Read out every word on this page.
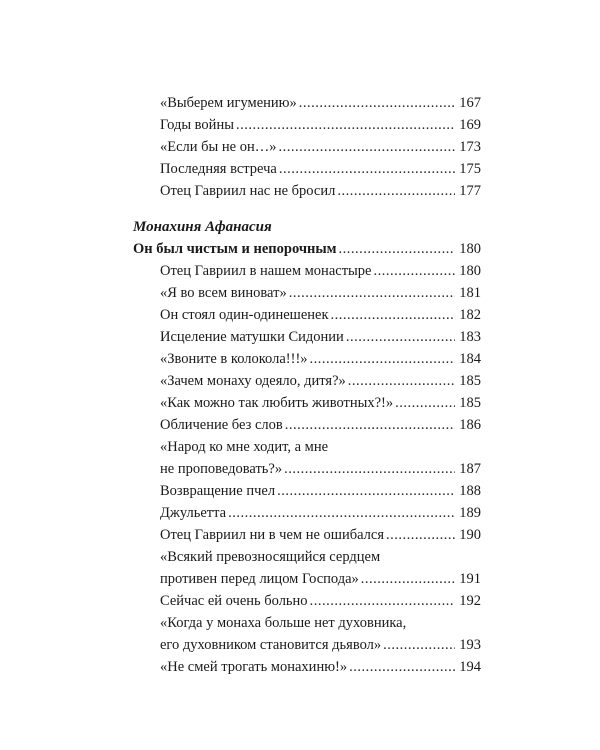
«Выберем игумению» .....	167
Годы войны .....	169
«Если бы не он…» .....	173
Последняя встреча .....	175
Отец Гавриил нас не бросил .....	177
Монахиня Афанасия
Он был чистым и непорочным .....	180
Отец Гавриил в нашем монастыре .....	180
«Я во всем виноват» .....	181
Он стоял один-одинешенек .....	182
Исцеление матушки Сидонии .....	183
«Звоните в колокола!!!» .....	184
«Зачем монаху одеяло, дитя?» .....	185
«Как можно так любить животных?!» .....	185
Обличение без слов .....	186
«Народ ко мне ходит, а мне
не проповедовать?» .....	187
Возвращение пчел .....	188
Джульетта .....	189
Отец Гавриил ни в чем не ошибался .....	190
«Всякий превозносящийся сердцем
противен перед лицом Господа» .....	191
Сейчас ей очень больно .....	192
«Когда у монаха больше нет духовника,
его духовником становится дьявол» .....	193
«Не смей трогать монахиню!» .....	194
